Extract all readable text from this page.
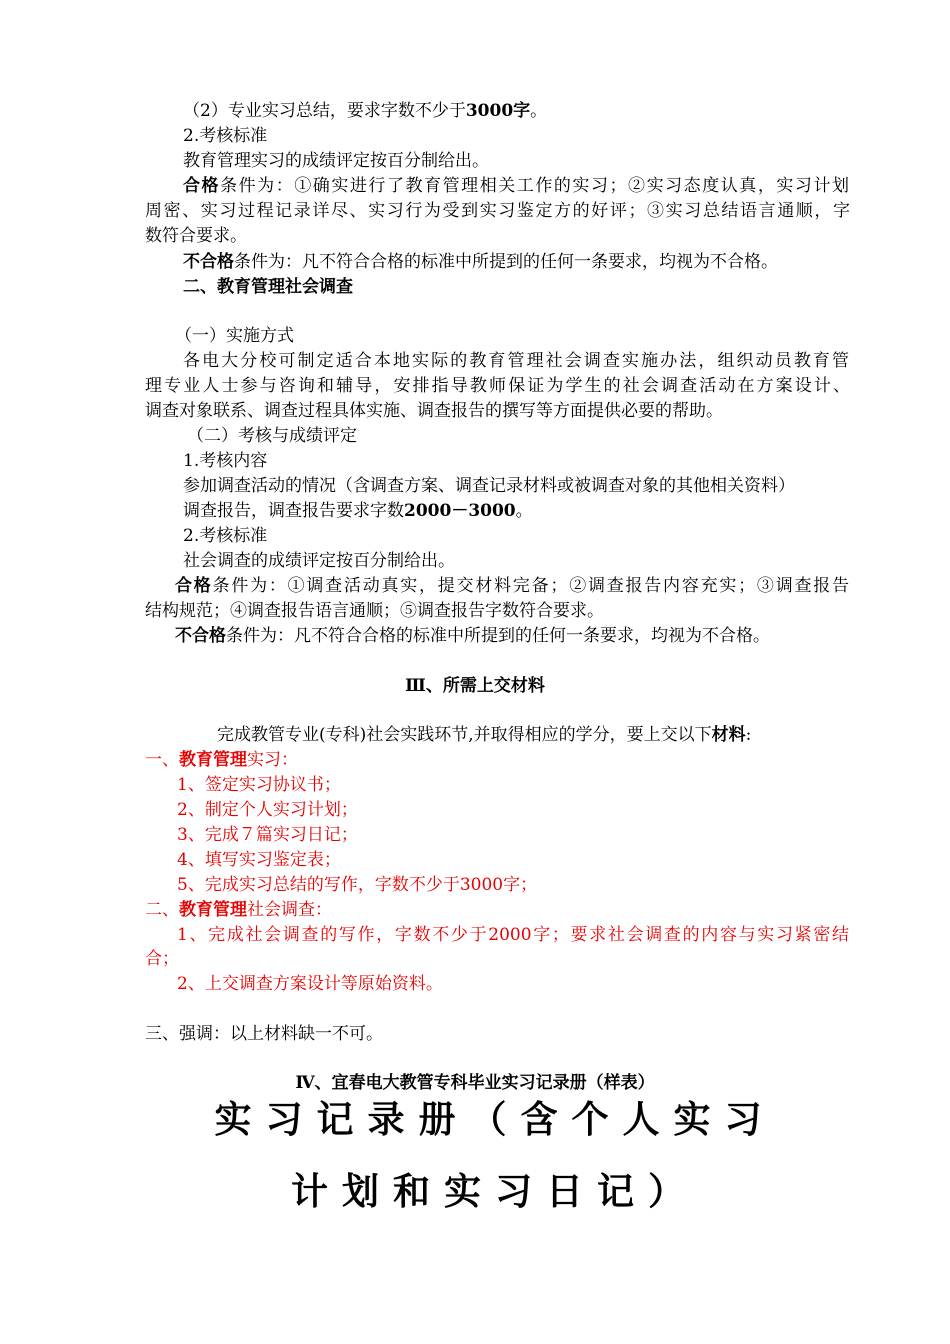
（2）专业实习总结，要求字数不少于3000字。
2.考核标准
教育管理实习的成绩评定按百分制给出。
合格条件为：①确实进行了教育管理相关工作的实习；②实习态度认真，实习计划
周密、实习过程记录详尽、实习行为受到实习鉴定方的好评；③实习总结语言通顺，字
数符合要求。
不合格条件为：凡不符合合格的标准中所提到的任何一条要求，均视为不合格。
二、教育管理社会调查
（一）实施方式
各电大分校可制定适合本地实际的教育管理社会调查实施办法，组织动员教育管
理专业人士参与咨询和辅导，安排指导教师保证为学生的社会调查活动在方案设计、
调查对象联系、调查过程具体实施、调查报告的撰写等方面提供必要的帮助。
（二）考核与成绩评定
1.考核内容
参加调查活动的情况（含调查方案、调查记录材料或被调查对象的其他相关资料）
调查报告，调查报告要求字数2000－3000。
2.考核标准
社会调查的成绩评定按百分制给出。
合格条件为：①调查活动真实，提交材料完备；②调查报告内容充实；③调查报告
结构规范；④调查报告语言通顺；⑤调查报告字数符合要求。
不合格条件为：凡不符合合格的标准中所提到的任何一条要求，均视为不合格。
Ⅲ、所需上交材料
完成教管专业(专科)社会实践环节,并取得相应的学分，要上交以下材料:
一、教育管理实习：
1、签定实习协议书；
2、制定个人实习计划；
3、完成７篇实习日记；
4、填写实习鉴定表；
5、完成实习总结的写作，字数不少于3000字；
二、教育管理社会调查：
1、完成社会调查的写作，字数不少于2000字；要求社会调查的内容与实习紧密结
合；
2、上交调查方案设计等原始资料。
三、强调：以上材料缺一不可。
Ⅳ、宜春电大教管专科毕业实习记录册（样表）
实习记录册（含个人实习
计划和实习日记）
